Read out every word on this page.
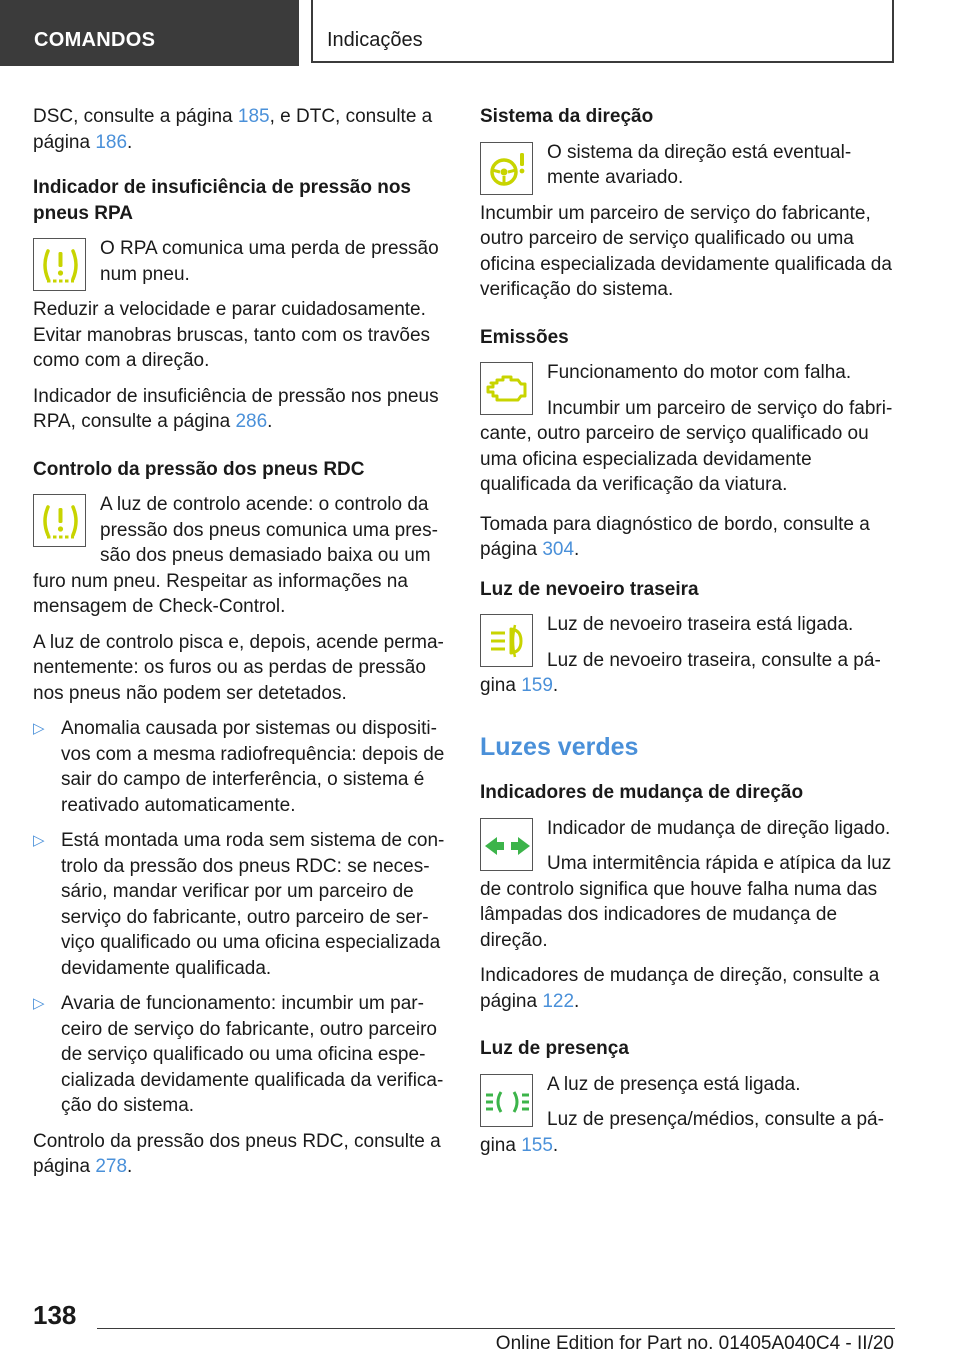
COMANDOS	Indicações

DSC, consulte a página 185, e DTC, consulte a página 186.

Indicador de insuficiência de pressão nos pneus RPA

O RPA comunica uma perda de pressão num pneu.

Reduzir a velocidade e parar cuidadosamente. Evitar manobras bruscas, tanto com os travões como com a direção.

Indicador de insuficiência de pressão nos pneus RPA, consulte a página 286.

Controlo da pressão dos pneus RDC

A luz de controlo acende: o controlo da pressão dos pneus comunica uma pressão dos pneus demasiado baixa ou um furo num pneu. Respeitar as informações na mensagem de Check-Control.

A luz de controlo pisca e, depois, acende permanentemente: os furos ou as perdas de pressão nos pneus não podem ser detetados.

▷ Anomalia causada por sistemas ou dispositivos com a mesma radiofrequência: depois de sair do campo de interferência, o sistema é reativado automaticamente.
▷ Está montada uma roda sem sistema de controlo da pressão dos pneus RDC: se necessário, mandar verificar por um parceiro de serviço do fabricante, outro parceiro de serviço qualificado ou uma oficina especializada devidamente qualificada.
▷ Avaria de funcionamento: incumbir um parceiro de serviço do fabricante, outro parceiro de serviço qualificado ou uma oficina especializada devidamente qualificada da verificação do sistema.

Controlo da pressão dos pneus RDC, consulte a página 278.

Sistema da direção

O sistema da direção está eventualmente avariado.

Incumbir um parceiro de serviço do fabricante, outro parceiro de serviço qualificado ou uma oficina especializada devidamente qualificada da verificação do sistema.

Emissões

Funcionamento do motor com falha.

Incumbir um parceiro de serviço do fabricante, outro parceiro de serviço qualificado ou uma oficina especializada devidamente qualificada da verificação da viatura.

Tomada para diagnóstico de bordo, consulte a página 304.

Luz de nevoeiro traseira

Luz de nevoeiro traseira está ligada.

Luz de nevoeiro traseira, consulte a página 159.

Luzes verdes

Indicadores de mudança de direção

Indicador de mudança de direção ligado.

Uma intermitência rápida e atípica da luz de controlo significa que houve falha numa das lâmpadas dos indicadores de mudança de direção.

Indicadores de mudança de direção, consulte a página 122.

Luz de presença

A luz de presença está ligada.

Luz de presença/médios, consulte a página 155.

138
Online Edition for Part no. 01405A040C4 - II/20
